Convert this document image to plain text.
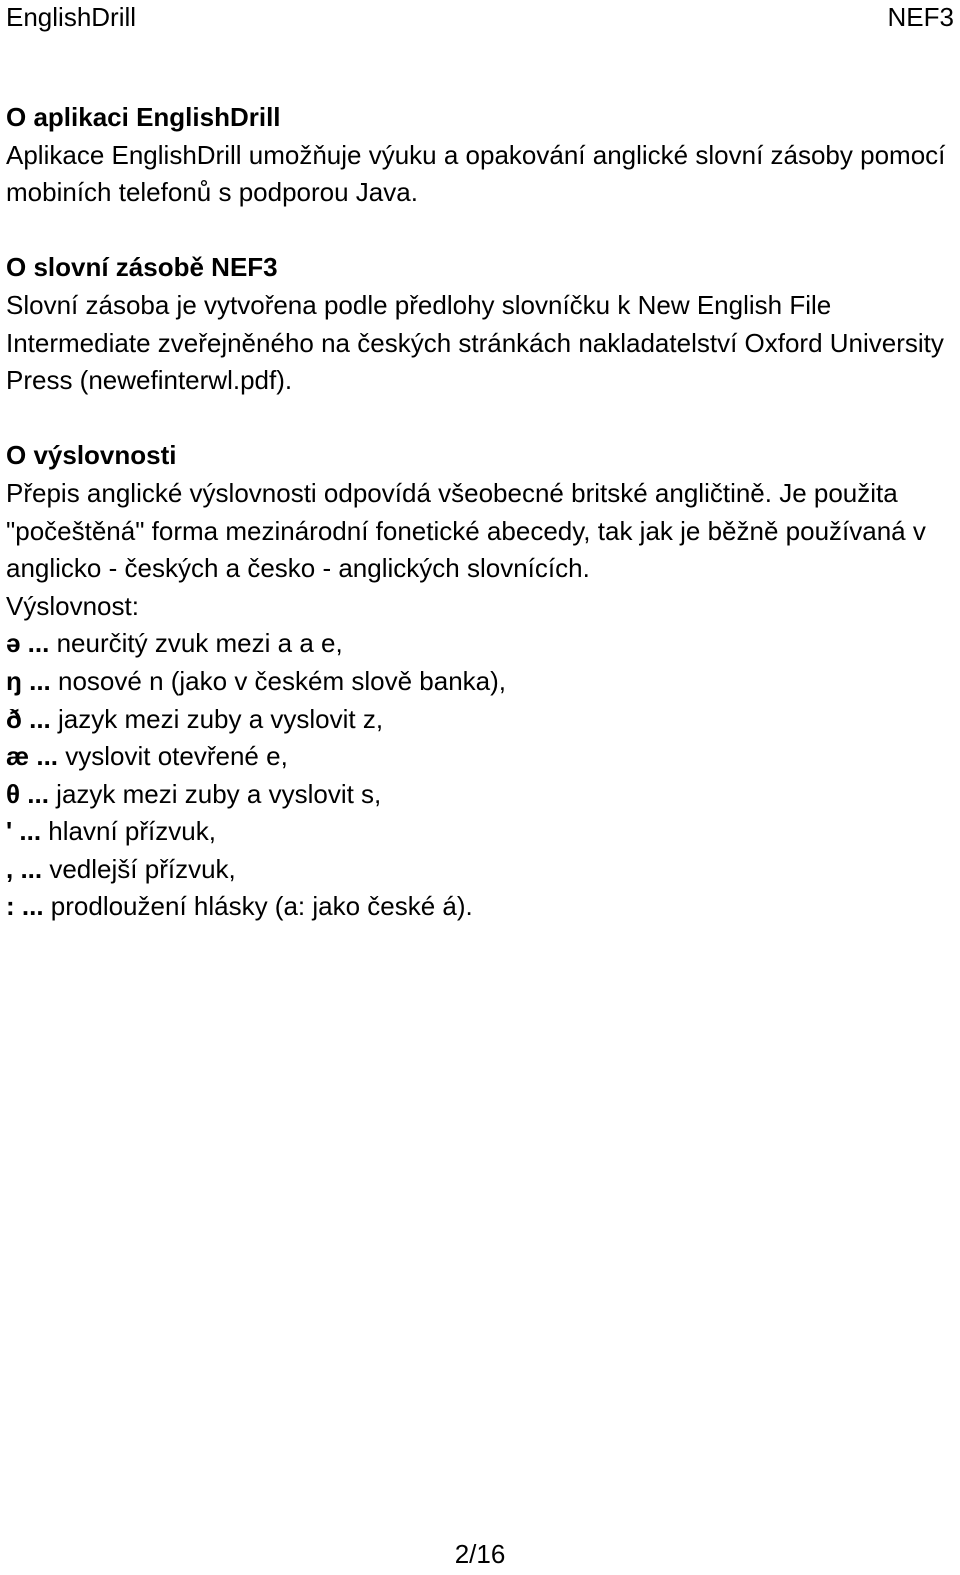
EnglishDrill	NEF3
O aplikaci EnglishDrill
Aplikace EnglishDrill umožňuje výuku a opakování anglické slovní zásoby pomocí mobiních telefonů s podporou Java.
O slovní zásobě NEF3
Slovní zásoba je vytvořena podle předlohy slovníčku k New English File Intermediate zveřejněného na českých stránkách nakladatelství Oxford University Press (newefinterwl.pdf).
O výslovnosti
Přepis anglické výslovnosti odpovídá všeobecné britské angličtině. Je použita "počeštěná" forma mezinárodní fonetické abecedy, tak jak je běžně používaná v anglicko - českých a česko - anglických slovnících.
Výslovnost:
ə ... neurčitý zvuk mezi a a e,
ŋ ... nosové n (jako v českém slově banka),
ð ... jazyk mezi zuby a vyslovit z,
æ ... vyslovit otevřené e,
θ ... jazyk mezi zuby a vyslovit s,
' ... hlavní přízvuk,
, ... vedlejší přízvuk,
: ... prodloužení hlásky (a: jako české á).
2/16
